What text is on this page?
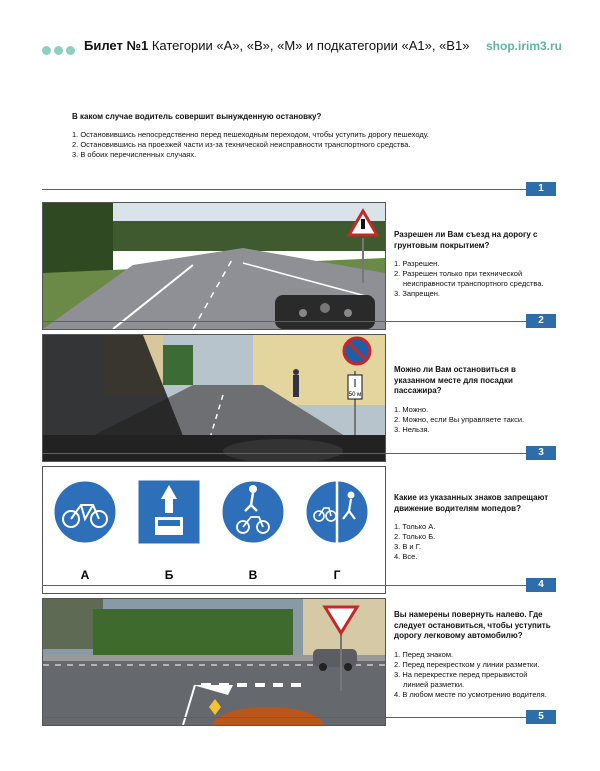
Билет №1 Категории «А», «В», «М» и подкатегории «А1», «В1» shop.irim3.ru
В каком случае водитель совершит вынужденную остановку?
1. Остановившись непосредственно перед пешеходным переходом, чтобы уступить дорогу пешеходу.
2. Остановившись на проезжей части из-за технической неисправности транспортного средства.
3. В обоих перечисленных случаях.
1
Разрешен ли Вам съезд на дорогу с грунтовым покрытием?
1. Разрешен.
2. Разрешен только при технической неисправности транспортного средства.
3. Запрещен.
2
50 м
Можно ли Вам остановиться в указанном месте для посадки пассажира?
1. Можно.
2. Можно, если Вы управляете такси.
3. Нельзя.
3
А	Б	В	Г
Какие из указанных знаков запрещают движение водителям мопедов?
1. Только А.
2. Только Б.
3. В и Г.
4. Все.
4
Вы намерены повернуть налево. Где следует остановиться, чтобы уступить дорогу легковому автомобилю?
1. Перед знаком.
2. Перед перекрестком у линии разметки.
3. На перекрестке перед прерывистой линией разметки.
4. В любом месте по усмотрению водителя.
5
